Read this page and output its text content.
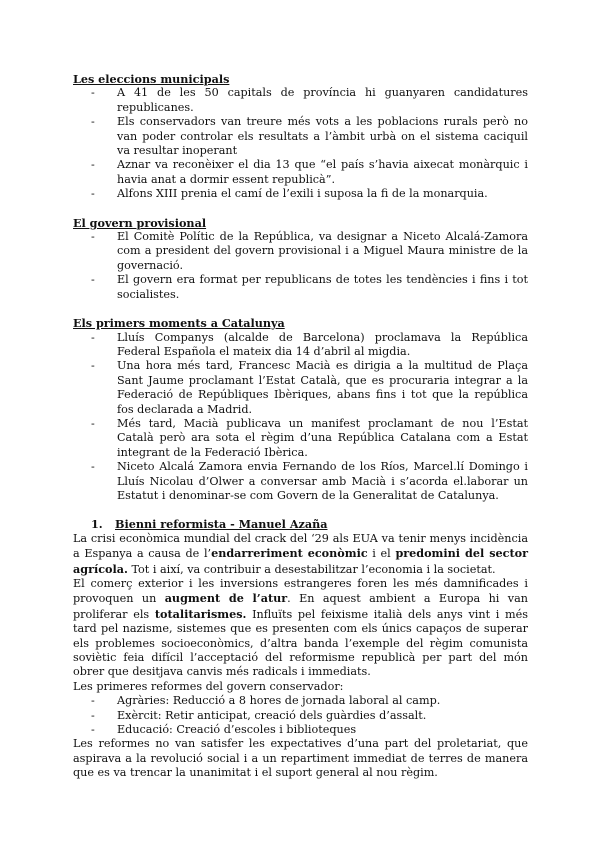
Les eleccions municipals
- A 41 de les 50 capitals de província hi guanyaren candidatures republicanes.
- Els conservadors van treure més vots a les poblacions rurals però no van poder controlar els resultats a l’àmbit urbà on el sistema caciquil va resultar inoperant
- Aznar va reconèixer el dia 13 que “el país s’havia aixecat monàrquic i havia anat a dormir essent republicà”.
- Alfons XIII prenia el camí de l’exili i suposa la fi de la monarquia.
El govern provisional
- El Comitè Polític de la República, va designar a Niceto Alcalá-Zamora com a president del govern provisional i a Miguel Maura ministre de la governació.
- El govern era format per republicans de totes les tendències i fins i tot socialistes.
Els primers moments a Catalunya
- Lluís Companys (alcalde de Barcelona) proclamava la República Federal Española el mateix dia 14 d’abril al migdia.
- Una hora més tard, Francesc Macià es dirigia a la multitud de Plaça Sant Jaume proclamant l’Estat Català, que es procuraria integrar a la Federació de Repúbliques Ibèriques, abans fins i tot que la república fos declarada a Madrid.
- Més tard, Macià publicava un manifest proclamant de nou l’Estat Català però ara sota el règim d’una República Catalana com a Estat integrant de la Federació Ibèrica.
- Niceto Alcalá Zamora envia Fernando de los Ríos, Marcel.lí Domingo i Lluís Nicolau d’Olwer a conversar amb Macià i s’acorda el.laborar un Estatut i denominar-se com Govern de la Generalitat de Catalunya.
1. Bienni reformista - Manuel Azaña

La crisi econòmica mundial del crack del ‘29 als EUA va tenir menys incidència a Espanya a causa de l’endarreriment econòmic i el predomini del sector agrícola. Tot i així, va contribuir a desestabilitzar l’economia i la societat.

El comerç exterior i les inversions estrangeres foren les més damnificades i provoquen un augment de l’atur. En aquest ambient a Europa hi van proliferar els totalitarismes. Influïts pel feixisme italià dels anys vint i més tard pel nazisme, sistemes que es presenten com els únics capaços de superar els problemes socioeconòmics, d’altra banda l’exemple del règim comunista soviètic feia difícil l’acceptació del reformisme republicà per part del món obrer que desitjava canvis més radicals i immediats.

Les primeres reformes del govern conservador:

- Agràries: Reducció a 8 hores de jornada laboral al camp.
- Exèrcit: Retir anticipat, creació dels guàrdies d’assalt.
- Educació: Creació d’escoles i biblioteques

Les reformes no van satisfer les expectatives d’una part del proletariat, que aspirava a la revolució social i a un repartiment immediat de terres de manera que es va trencar la unanimitat i el suport general al nou règim.
